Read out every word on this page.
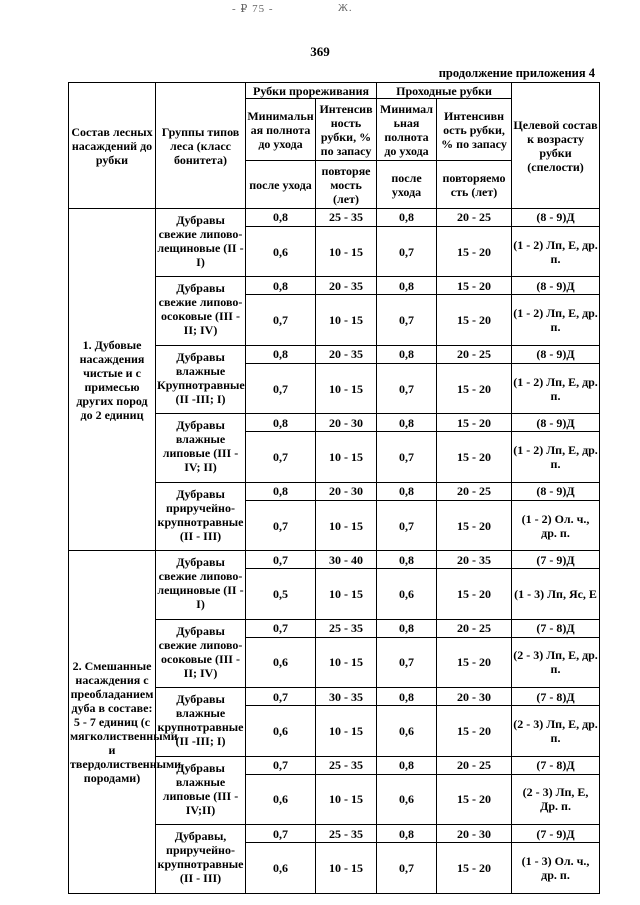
- ₽ 75 -	Ж.
369
продолжение приложения 4
Состав лесных насаждений до рубки	Группы типов леса (класс бонитета)	Рубки прореживания		Проходные рубки		Целевой состав к возрасту рубки (спелости)
		Минимальн ая полнота до ухода	Интенсив ность рубки, % по запасу	Минимал ьная полнота до ухода	Интенсивн ость рубки, % по запасу	
		после ухода	повторяе мость (лет)	после ухода	повторяемо сть (лет)	
1. Дубовые насаждения чистые и с примесью других пород до 2 единиц	Дубравы свежие липово-лещиновые (II - I)	0,8	25 - 35	0,8	20 - 25	(8 - 9)Д
		0,6	10 - 15	0,7	15 - 20	(1 - 2) Лп, Е, др. п.
	Дубравы свежие липово-осоковые (III - II; IV)	0,8	20 - 35	0,8	15 - 20	(8 - 9)Д
		0,7	10 - 15	0,7	15 - 20	(1 - 2) Лп, Е, др. п.
	Дубравы влажные Крупнотравные (II -III; I)	0,8	20 - 35	0,8	20 - 25	(8 - 9)Д
		0,7	10 - 15	0,7	15 - 20	(1 - 2) Лп, Е, др. п.
	Дубравы влажные липовые (III - IV; II)	0,8	20 - 30	0,8	15 - 20	(8 - 9)Д
		0,7	10 - 15	0,7	15 - 20	(1 - 2) Лп, Е, др. п.
	Дубравы приручейно-крупнотравные (II - III)	0,8	20 - 30	0,8	20 - 25	(8 - 9)Д
		0,7	10 - 15	0,7	15 - 20	(1 - 2) Ол. ч., др. п.
2. Смешанные насаждения с преобладанием дуба в составе: 5 - 7 единиц (с мягколиственными и твердолиственными породами)	Дубравы свежие липово-лещиновые (II - I)	0,7	30 - 40	0,8	20 - 35	(7 - 9)Д
		0,5	10 - 15	0,6	15 - 20	(1 - 3) Лп, Яс, Е
	Дубравы свежие липово-осоковые (III - II; IV)	0,7	25 - 35	0,8	20 - 25	(7 - 8)Д
		0,6	10 - 15	0,7	15 - 20	(2 - 3) Лп, Е, др. п.
	Дубравы влажные крупнотравные (II -III; I)	0,7	30 - 35	0,8	20 - 30	(7 - 8)Д
		0,6	10 - 15	0,6	15 - 20	(2 - 3) Лп, Е, др. п.
	Дубравы влажные липовые (III - IV;II)	0,7	25 - 35	0,8	20 - 25	(7 - 8)Д
		0,6	10 - 15	0,6	15 - 20	(2 - 3) Лп, Е, Др. п.
	Дубравы, приручейно-крупнотравные (II - III)	0,7	25 - 35	0,8	20 - 30	(7 - 9)Д
		0,6	10 - 15	0,7	15 - 20	(1 - 3) Ол. ч., др. п.
